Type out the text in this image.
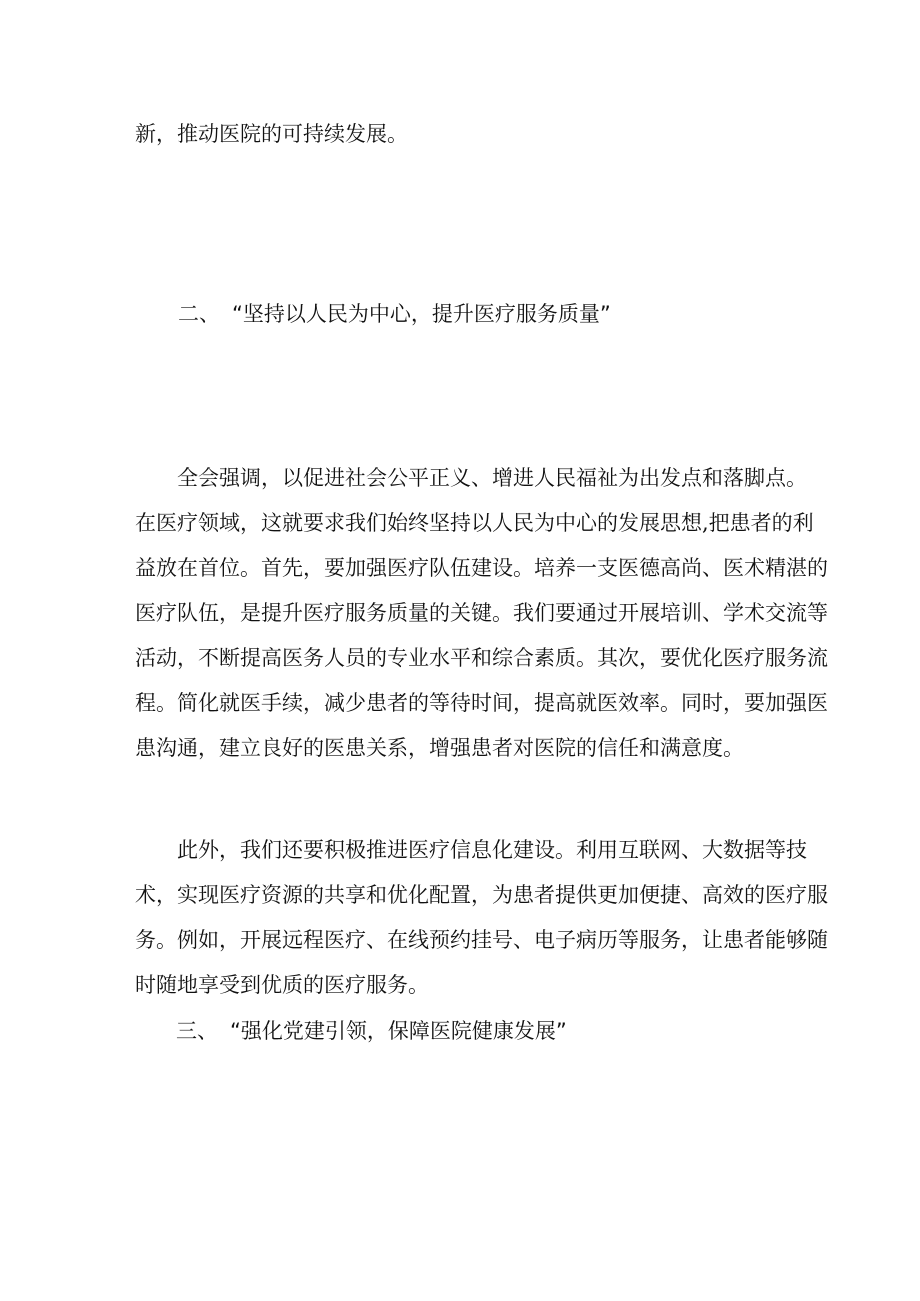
新，推动医院的可持续发展。
二、 “坚持以人民为中心，提升医疗服务质量”
全会强调，以促进社会公平正义、增进人民福祉为出发点和落脚点。
在医疗领域，这就要求我们始终坚持以人民为中心的发展思想,把患者的利
益放在首位。首先，要加强医疗队伍建设。培养一支医德高尚、医术精湛的
医疗队伍，是提升医疗服务质量的关键。我们要通过开展培训、学术交流等
活动，不断提高医务人员的专业水平和综合素质。其次，要优化医疗服务流
程。简化就医手续，减少患者的等待时间，提高就医效率。同时，要加强医
患沟通，建立良好的医患关系，增强患者对医院的信任和满意度。
此外，我们还要积极推进医疗信息化建设。利用互联网、大数据等技
术，实现医疗资源的共享和优化配置，为患者提供更加便捷、高效的医疗服
务。例如，开展远程医疗、在线预约挂号、电子病历等服务，让患者能够随
时随地享受到优质的医疗服务。
三、 “强化党建引领，保障医院健康发展”
